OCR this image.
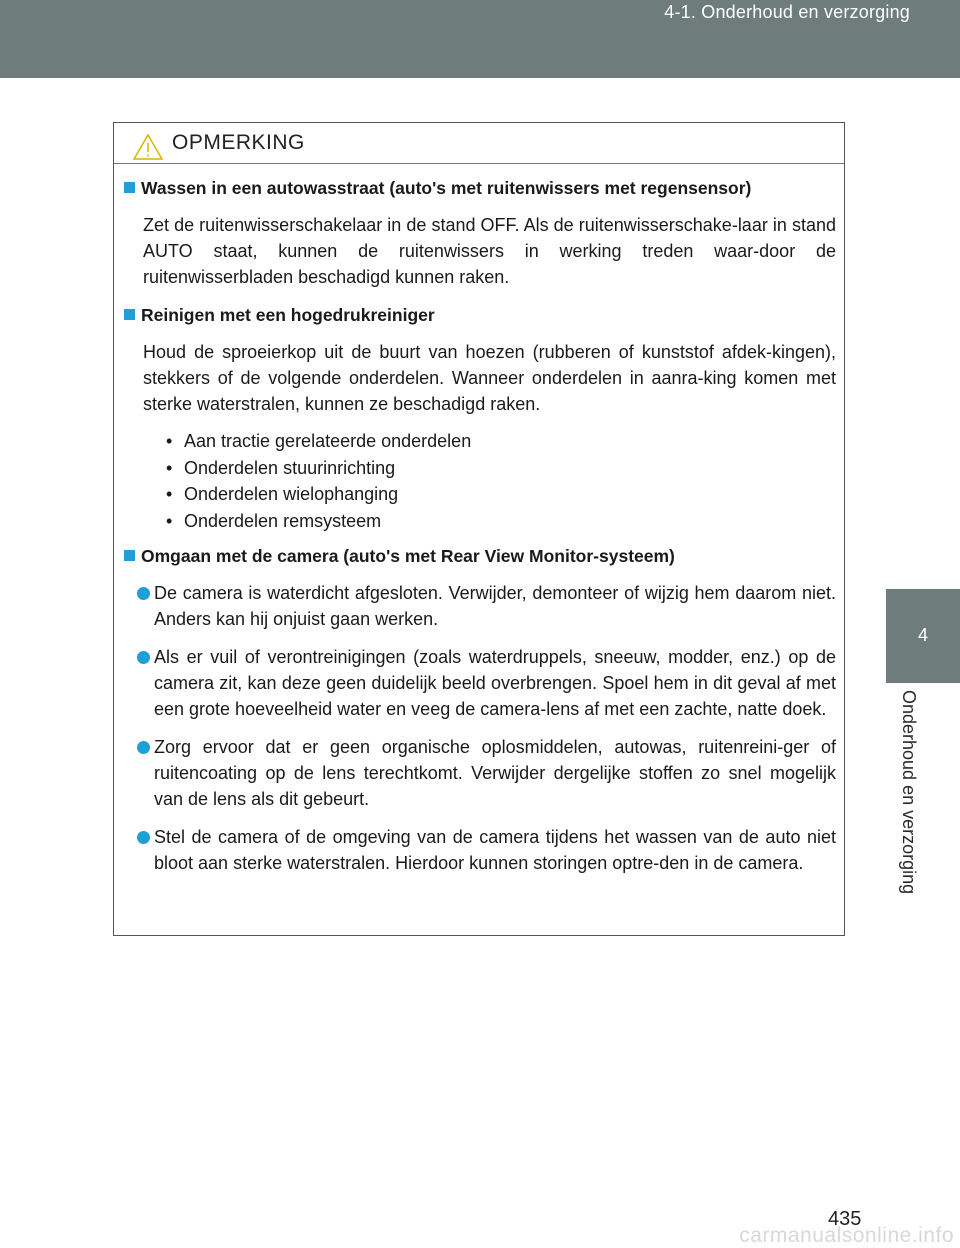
4-1. Onderhoud en verzorging
4
Onderhoud en verzorging
OPMERKING
Wassen in een autowasstraat (auto's met ruitenwissers met regensensor)
Zet de ruitenwisserschakelaar in de stand OFF. Als de ruitenwisserschake-laar in stand AUTO staat, kunnen de ruitenwissers in werking treden waar-door de ruitenwisserbladen beschadigd kunnen raken.
Reinigen met een hogedrukreiniger
Houd de sproeierkop uit de buurt van hoezen (rubberen of kunststof afdek-kingen), stekkers of de volgende onderdelen. Wanneer onderdelen in aanra-king komen met sterke waterstralen, kunnen ze beschadigd raken.
• Aan tractie gerelateerde onderdelen
• Onderdelen stuurinrichting
• Onderdelen wielophanging
• Onderdelen remsysteem
Omgaan met de camera (auto's met Rear View Monitor-systeem)
De camera is waterdicht afgesloten. Verwijder, demonteer of wijzig hem daarom niet. Anders kan hij onjuist gaan werken.
Als er vuil of verontreinigingen (zoals waterdruppels, sneeuw, modder, enz.) op de camera zit, kan deze geen duidelijk beeld overbrengen. Spoel hem in dit geval af met een grote hoeveelheid water en veeg de camera-lens af met een zachte, natte doek.
Zorg ervoor dat er geen organische oplosmiddelen, autowas, ruitenreini-ger of ruitencoating op de lens terechtkomt. Verwijder dergelijke stoffen zo snel mogelijk van de lens als dit gebeurt.
Stel de camera of de omgeving van de camera tijdens het wassen van de auto niet bloot aan sterke waterstralen. Hierdoor kunnen storingen optre-den in de camera.
435
carmanualsonline.info
